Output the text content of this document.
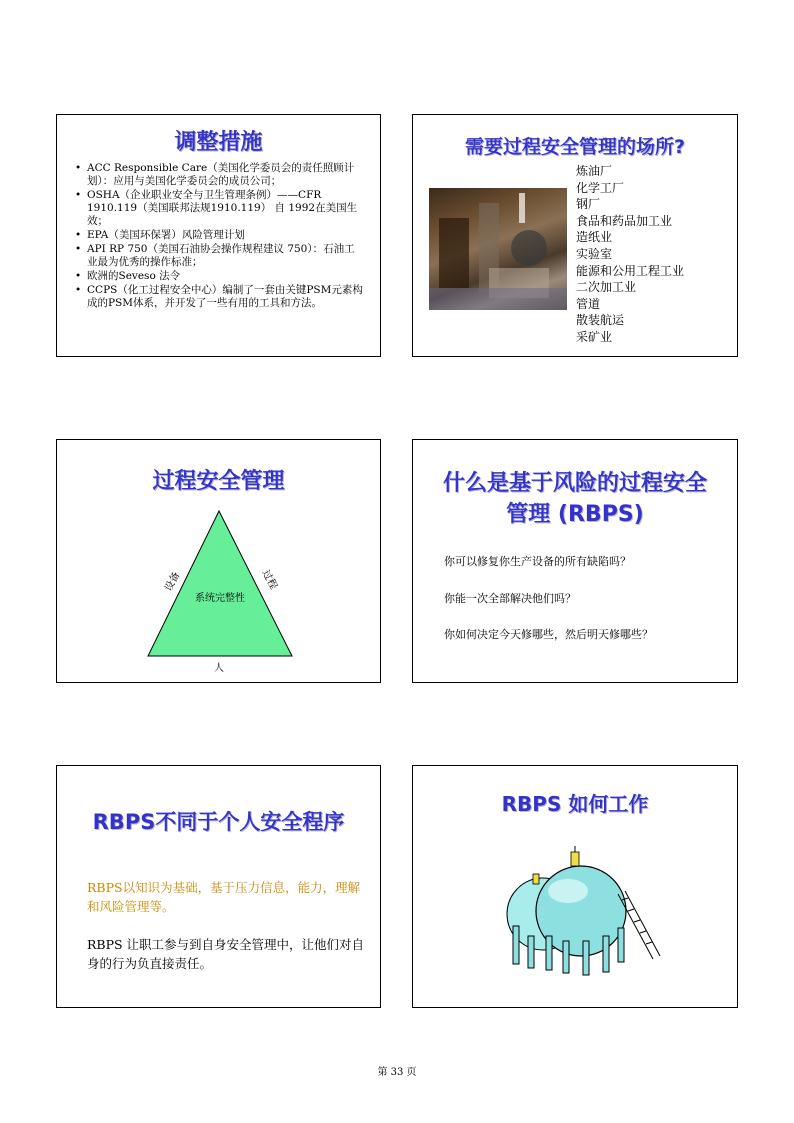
调整措施
• ACC Responsible Care（美国化学委员会的责任照顾计划）：应用与美国化学委员会的成员公司；
• OSHA（企业职业安全与卫生管理条例）——CFR 1910.119（美国联邦法规1910.119） 自 1992在美国生效；
• EPA（美国环保署）风险管理计划
• API RP 750（美国石油协会操作规程建议 750）：石油工业最为优秀的操作标准；
• 欧洲的Seveso 法令
• CCPS（化工过程安全中心）编制了一套由关键PSM元素构成的PSM体系，并开发了一些有用的工具和方法。
需要过程安全管理的场所?
炼油厂
化学工厂
钢厂
食品和药品加工业
造纸业
实验室
能源和公用工程工业
二次加工业
管道
散装航运
采矿业
过程安全管理
系统完整性
设备	过程
人
什么是基于风险的过程安全
管理 (RBPS)
你可以修复你生产设备的所有缺陷吗？
你能一次全部解决他们吗？
你如何决定今天修哪些，然后明天修哪些？
RBPS不同于个人安全程序
RBPS以知识为基础，基于压力信息，能力，理解和风险管理等。
RBPS 让职工参与到自身安全管理中，让他们对自身的行为负直接责任。
RBPS 如何工作
第 33 页
